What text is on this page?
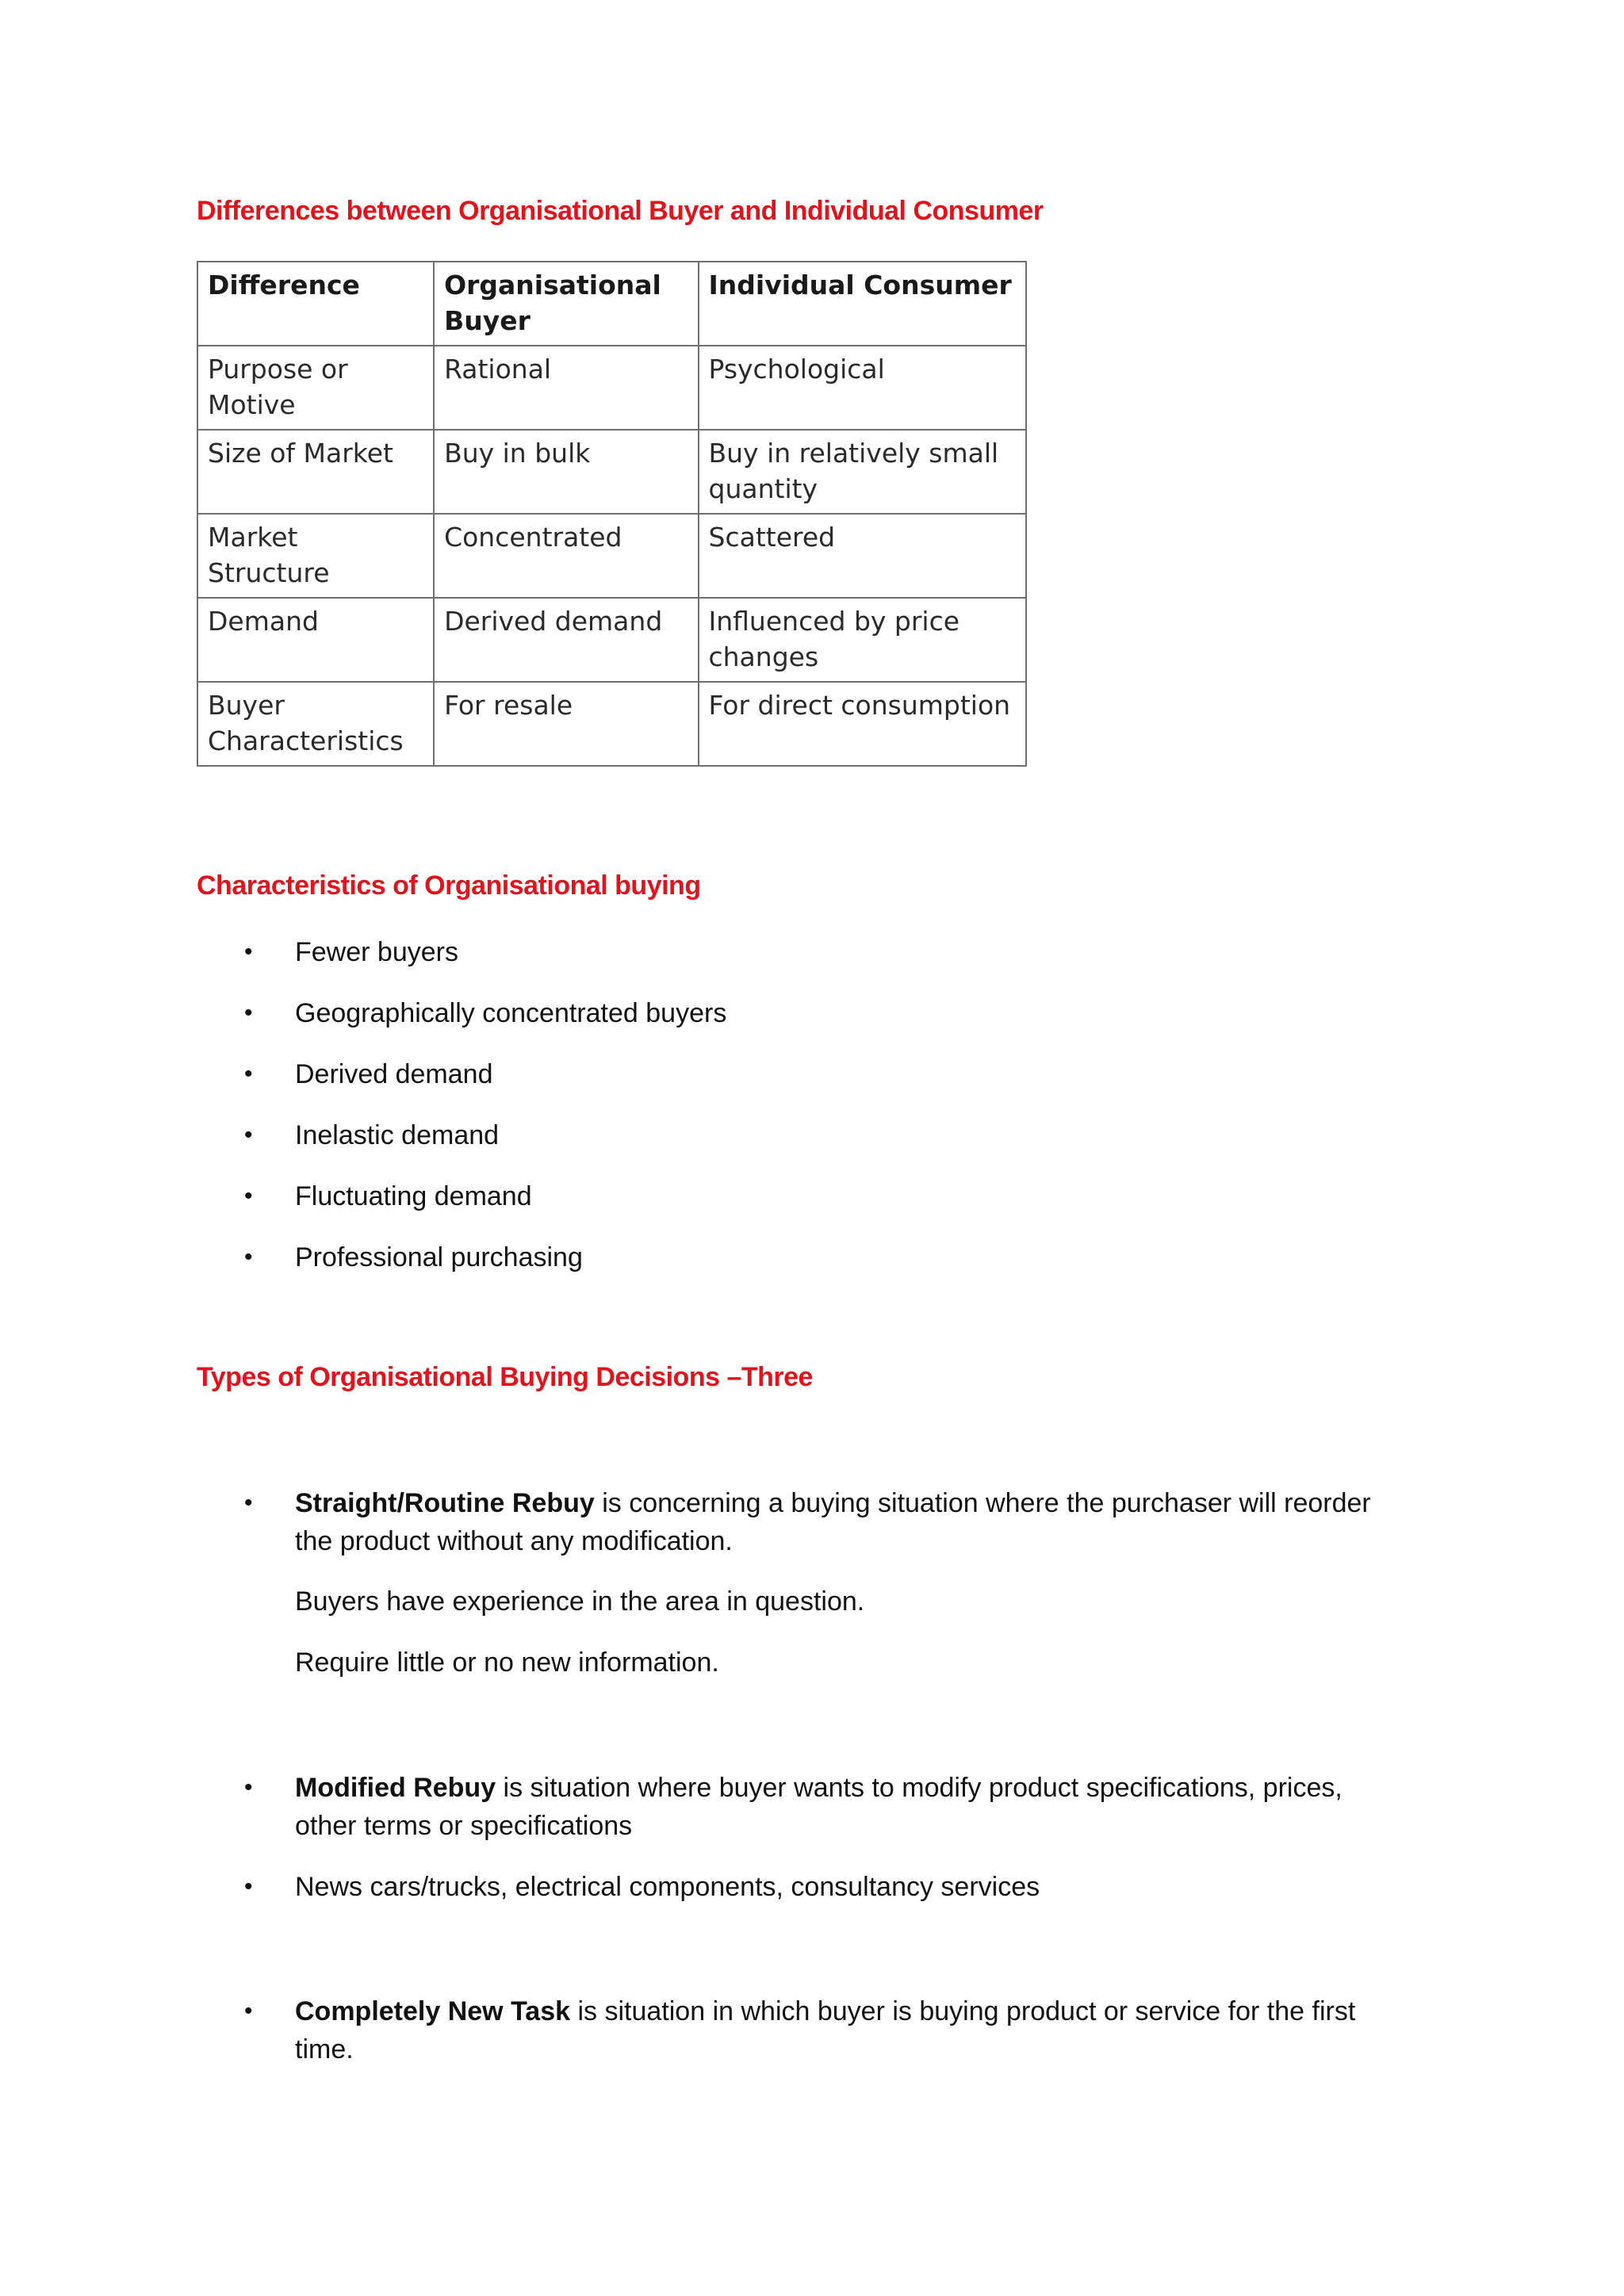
Differences between Organisational Buyer and Individual Consumer
Difference	Organisational Buyer	Individual Consumer
Purpose or Motive	Rational	Psychological
Size of Market	Buy in bulk	Buy in relatively small quantity
Market Structure	Concentrated	Scattered
Demand	Derived demand	Influenced by price changes
Buyer Characteristics	For resale	For direct consumption
Characteristics of Organisational buying
• Fewer buyers
• Geographically concentrated buyers
• Derived demand
• Inelastic demand
• Fluctuating demand
• Professional purchasing
Types of Organisational Buying Decisions –Three
• Straight/Routine Rebuy is concerning a buying situation where the purchaser will reorder the product without any modification.
Buyers have experience in the area in question.
Require little or no new information.
• Modified Rebuy is situation where buyer wants to modify product specifications, prices, other terms or specifications
• News cars/trucks, electrical components, consultancy services
• Completely New Task is situation in which buyer is buying product or service for the first time.
